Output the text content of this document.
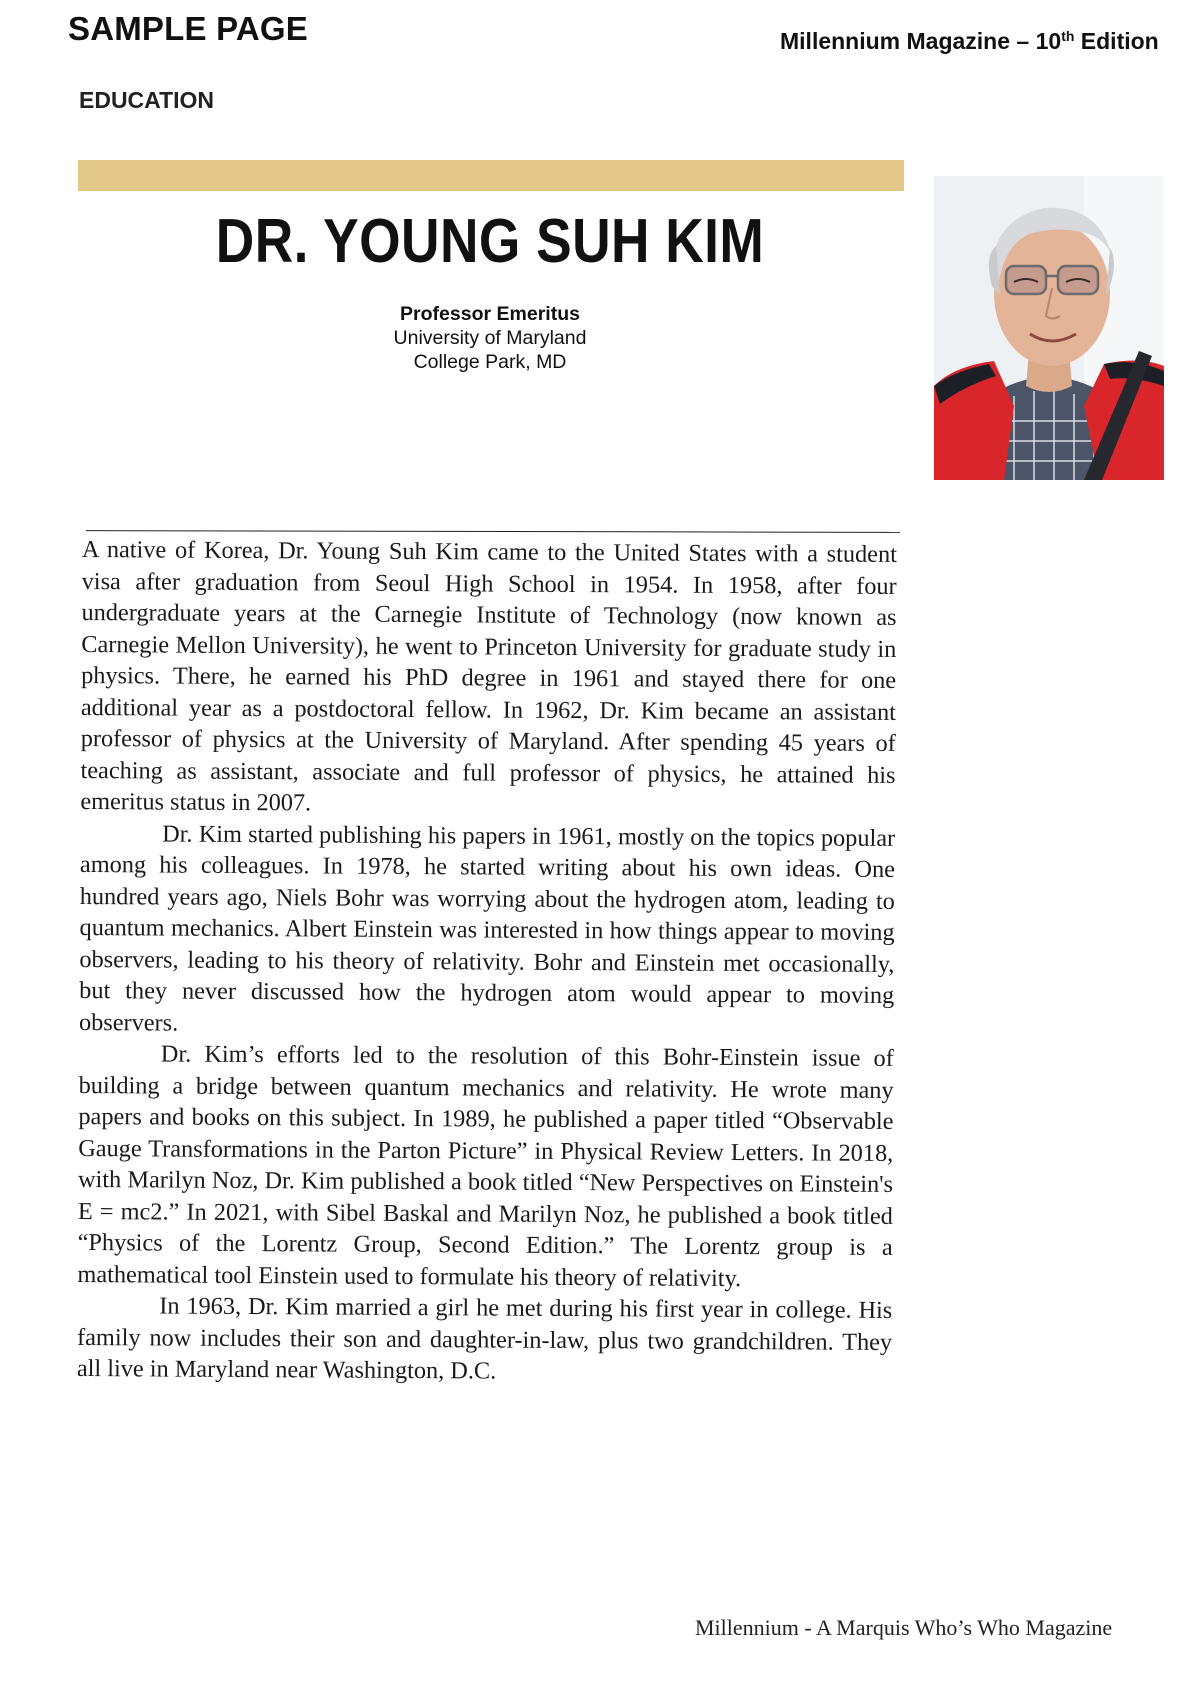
SAMPLE PAGE	Millennium Magazine – 10th Edition
EDUCATION
DR. YOUNG SUH KIM
Professor Emeritus
University of Maryland
College Park, MD

A native of Korea, Dr. Young Suh Kim came to the United States with a student visa after graduation from Seoul High School in 1954. In 1958, after four undergraduate years at the Carnegie Institute of Technology (now known as Carnegie Mellon University), he went to Princeton University for graduate study in physics. There, he earned his PhD degree in 1961 and stayed there for one additional year as a postdoctoral fellow. In 1962, Dr. Kim became an assistant professor of physics at the University of Maryland. After spending 45 years of teaching as assistant, associate and full professor of physics, he attained his emeritus status in 2007.

Dr. Kim started publishing his papers in 1961, mostly on the topics popular among his colleagues. In 1978, he started writing about his own ideas. One hundred years ago, Niels Bohr was worrying about the hydrogen atom, leading to quantum mechanics. Albert Einstein was interested in how things appear to moving observers, leading to his theory of relativity. Bohr and Einstein met occasionally, but they never discussed how the hydrogen atom would appear to moving observers.

Dr. Kim’s efforts led to the resolution of this Bohr-Einstein issue of building a bridge between quantum mechanics and relativity. He wrote many papers and books on this subject. In 1989, he published a paper titled “Observable Gauge Transformations in the Parton Picture” in Physical Review Letters. In 2018, with Marilyn Noz, Dr. Kim published a book titled “New Perspectives on Einstein's E = mc2.” In 2021, with Sibel Baskal and Marilyn Noz, he published a book titled “Physics of the Lorentz Group, Second Edition.” The Lorentz group is a mathematical tool Einstein used to formulate his theory of relativity.

In 1963, Dr. Kim married a girl he met during his first year in college. His family now includes their son and daughter-in-law, plus two grandchildren. They all live in Maryland near Washington, D.C.

Millennium - A Marquis Who’s Who Magazine
